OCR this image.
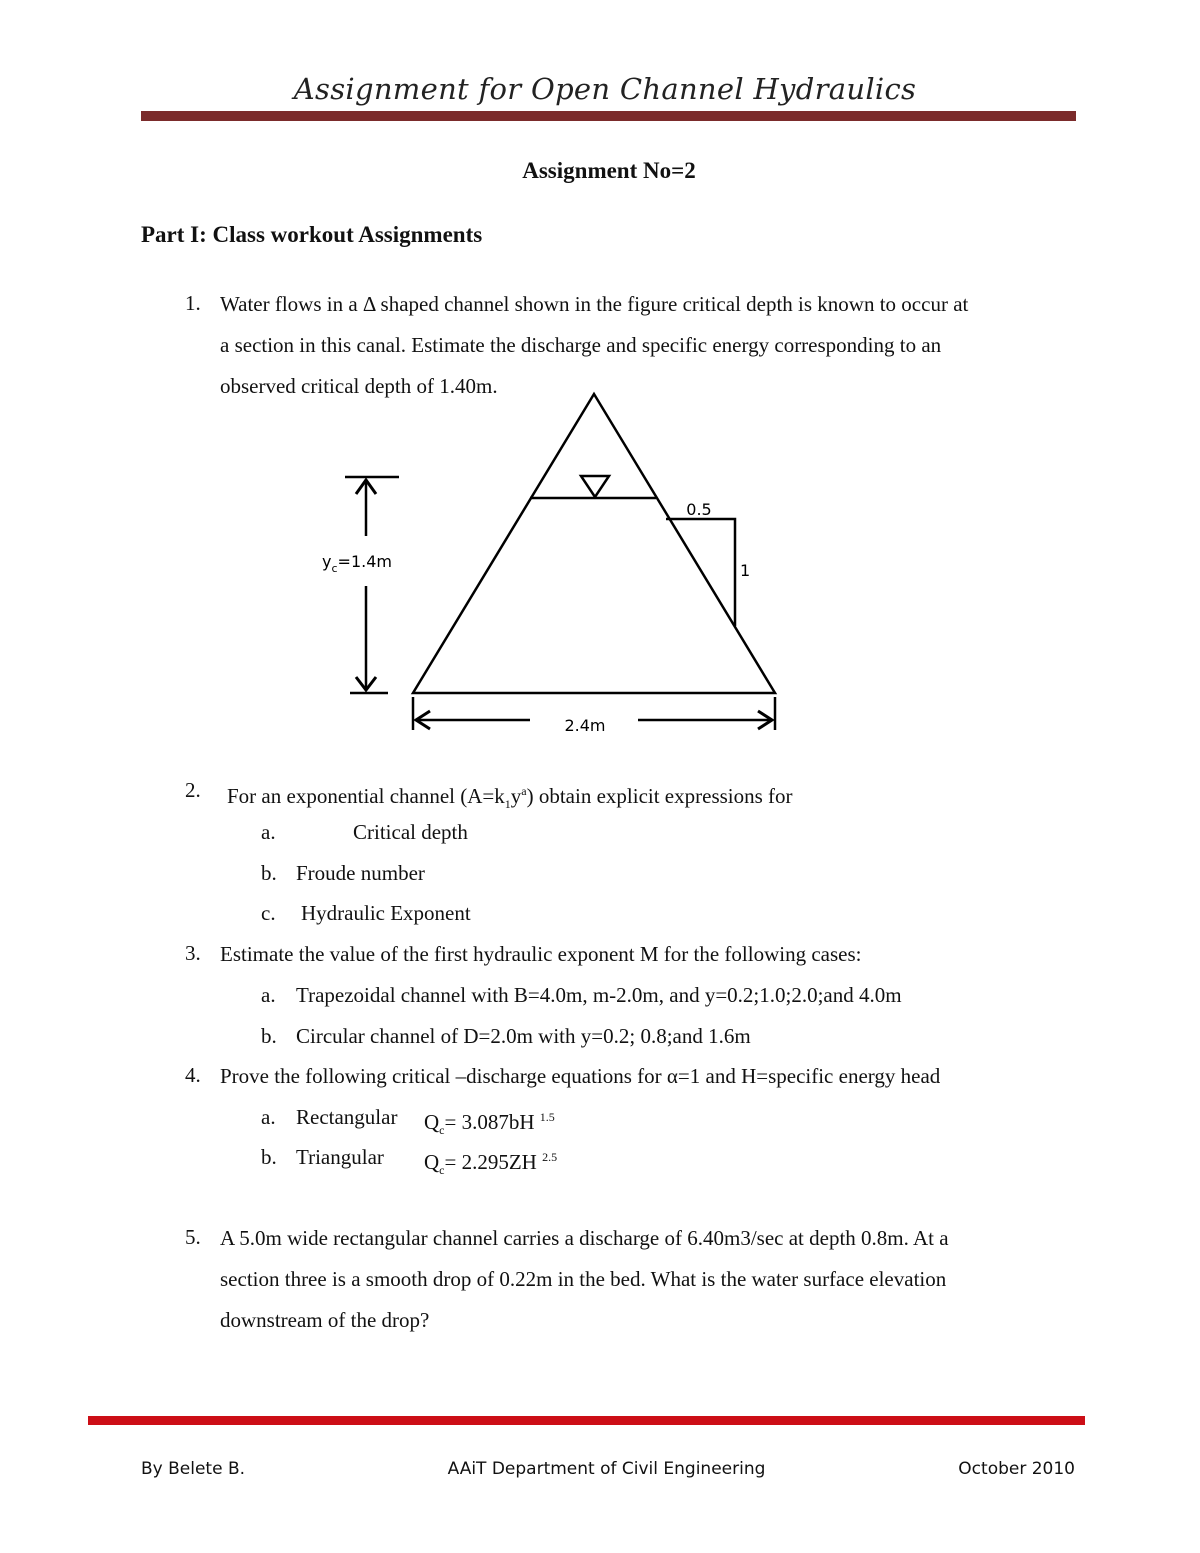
Assignment for Open Channel Hydraulics
Assignment No=2
Part I: Class workout Assignments
1. Water flows in a Δ shaped channel shown in the figure critical depth is known to occur at
a section in this canal. Estimate the discharge and specific energy corresponding to an
observed critical depth of 1.40m.
0.5
1
$y_c=1.4m$
2.4m
2. For an exponential channel $(A=k_1y^a)$ obtain explicit expressions for
a.	Critical depth
b. Froude number
c. Hydraulic Exponent
3. Estimate the value of the first hydraulic exponent M for the following cases:
a. Trapezoidal channel with B=4.0m, m-2.0m, and y=0.2;1.0;2.0;and 4.0m
b. Circular channel of D=2.0m with y=0.2; 0.8;and 1.6m
4. Prove the following critical –discharge equations for α=1 and H=specific energy head
a. Rectangular $Q_c= 3.087bH$ $^{1.5}$
b. Triangular $Q_c= 2.295ZH$ $^{2.5}$
5. A 5.0m wide rectangular channel carries a discharge of 6.40m3/sec at depth 0.8m. At a
section three is a smooth drop of 0.22m in the bed. What is the water surface elevation
downstream of the drop?
By Belete B.	AAiT Department of Civil Engineering	October 2010
